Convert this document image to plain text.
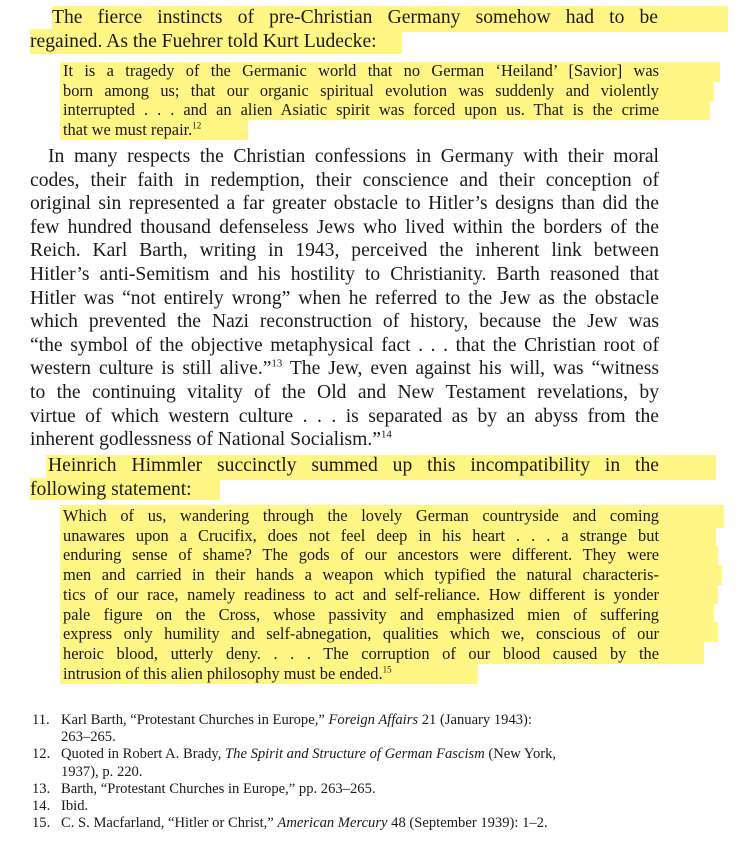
The fierce instincts of pre-Christian Germany somehow had to be
regained. As the Fuehrer told Kurt Ludecke:
It is a tragedy of the Germanic world that no German ‘Heiland’ [Savior] was
born among us; that our organic spiritual evolution was suddenly and violently
interrupted . . . and an alien Asiatic spirit was forced upon us. That is the crime
that we must repair.$^{12}$
In many respects the Christian confessions in Germany with their moral
codes, their faith in redemption, their conscience and their conception of
original sin represented a far greater obstacle to Hitler’s designs than did the
few hundred thousand defenseless Jews who lived within the borders of the
Reich. Karl Barth, writing in 1943, perceived the inherent link between
Hitler’s anti-Semitism and his hostility to Christianity. Barth reasoned that
Hitler was “not entirely wrong” when he referred to the Jew as the obstacle
which prevented the Nazi reconstruction of history, because the Jew was
“the symbol of the objective metaphysical fact . . . that the Christian root of
western culture is still alive.”$^{13}$ The Jew, even against his will, was “witness
to the continuing vitality of the Old and New Testament revelations, by
virtue of which western culture . . . is separated as by an abyss from the
inherent godlessness of National Socialism.”$^{14}$
Heinrich Himmler succinctly summed up this incompatibility in the
following statement:
Which of us, wandering through the lovely German countryside and coming
unawares upon a Crucifix, does not feel deep in his heart . . . a strange but
enduring sense of shame? The gods of our ancestors were different. They were
men and carried in their hands a weapon which typified the natural characteris-
tics of our race, namely readiness to act and self-reliance. How different is yonder
pale figure on the Cross, whose passivity and emphasized mien of suffering
express only humility and self-abnegation, qualities which we, conscious of our
heroic blood, utterly deny. . . . The corruption of our blood caused by the
intrusion of this alien philosophy must be ended.$^{15}$
11. Karl Barth, “Protestant Churches in Europe,” Foreign Affairs 21 (January 1943):
263–265.
12. Quoted in Robert A. Brady, The Spirit and Structure of German Fascism (New York,
1937), p. 220.
13. Barth, “Protestant Churches in Europe,” pp. 263–265.
14. Ibid.
15. C. S. Macfarland, “Hitler or Christ,” American Mercury 48 (September 1939): 1–2.
